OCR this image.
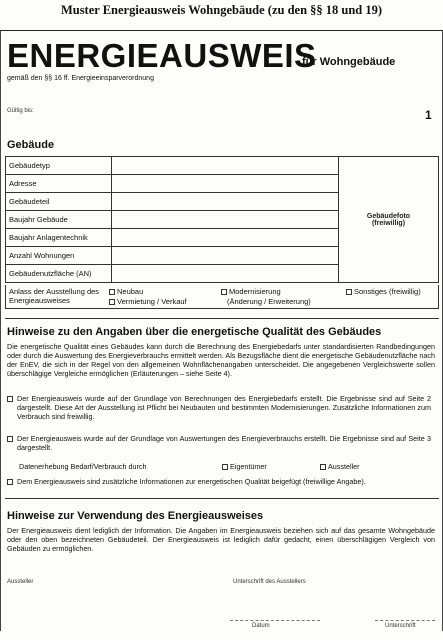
Muster Energieausweis Wohngebäude (zu den §§ 18 und 19)
ENERGIEAUSWEIS
für Wohngebäude
gemäß den §§ 16 ff. Energieeinsparverordnung
Gültig bis:	1
Gebäude
Gebäudetyp		Gebäudefoto
(freiwillig)
Adresse		
Gebäudeteil		
Baujahr Gebäude		
Baujahr Anlagentechnik		
Anzahl Wohnungen		
Gebäudenutzfläche (AN)		
Anlass der Ausstellung des Energieausweises
Neubau
Vermietung / Verkauf
Modernisierung
(Änderung / Erweiterung)
Sonstiges (freiwillig)
Hinweise zu den Angaben über die energetische Qualität des Gebäudes
Die energetische Qualität eines Gebäudes kann durch die Berechnung des Energiebedarfs unter standardisierten Randbedingungen oder durch die Auswertung des Energieverbrauchs ermittelt werden. Als Bezugsfläche dient die energetische Gebäudenutzfläche nach der EnEV, die sich in der Regel von den allgemeinen Wohnflächenangaben unterscheidet. Die angegebenen Vergleichswerte sollen überschlägige Vergleiche ermöglichen (Erläuterungen – siehe Seite 4).
Der Energieausweis wurde auf der Grundlage von Berechnungen des Energiebedarfs erstellt. Die Ergebnisse sind auf Seite 2 dargestellt. Diese Art der Ausstellung ist Pflicht bei Neubauten und bestimmten Modernisierungen. Zusätzliche Informationen zum Verbrauch sind freiwillig.
Der Energieausweis wurde auf der Grundlage von Auswertungen des Energieverbrauchs erstellt. Die Ergebnisse sind auf Seite 3 dargestellt.
Datenerhebung Bedarf/Verbrauch durch	Eigentümer	Aussteller
Dem Energieausweis sind zusätzliche Informationen zur energetischen Qualität beigefügt (freiwillige Angabe).
Hinweise zur Verwendung des Energieausweises
Der Energieausweis dient lediglich der Information. Die Angaben im Energieausweis beziehen sich auf das gesamte Wohngebäude oder den oben bezeichneten Gebäudeteil. Der Energieausweis ist lediglich dafür gedacht, einen überschlägigen Vergleich von Gebäuden zu ermöglichen.
Aussteller	Unterschrift des Ausstellers
Datum	Unterschrift
